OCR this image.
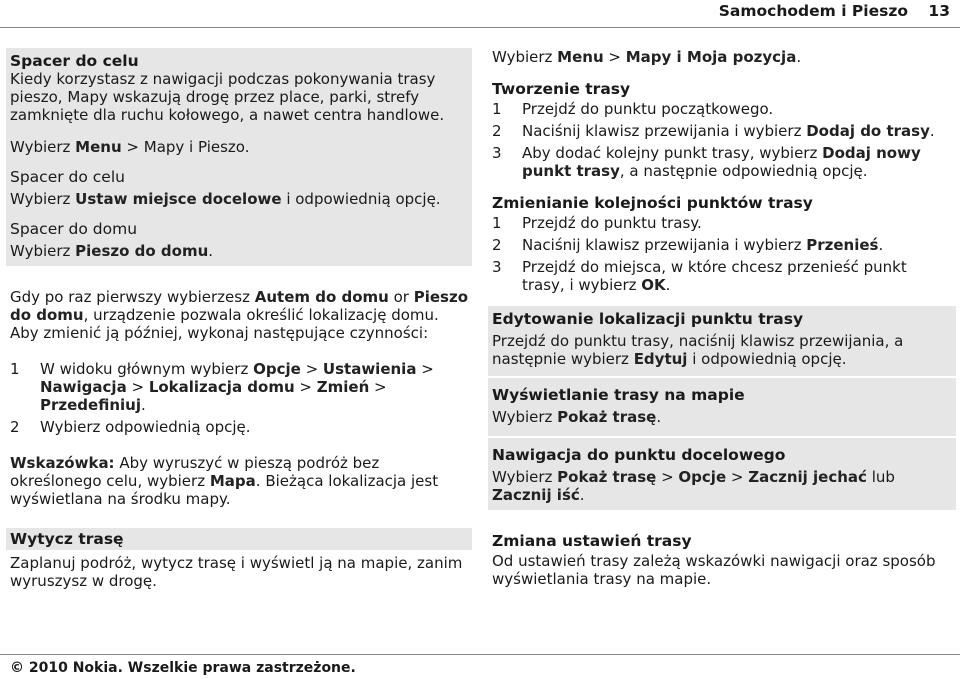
Samochodem i Pieszo 13
Spacer do celu
Kiedy korzystasz z nawigacji podczas pokonywania trasy pieszo, Mapy wskazują drogę przez place, parki, strefy zamknięte dla ruchu kołowego, a nawet centra handlowe.
Wybierz Menu > Mapy i Pieszo.
Spacer do celu
Wybierz Ustaw miejsce docelowe i odpowiednią opcję.
Spacer do domu
Wybierz Pieszo do domu.
Gdy po raz pierwszy wybierzesz Autem do domu or Pieszo do domu, urządzenie pozwala określić lokalizację domu. Aby zmienić ją później, wykonaj następujące czynności:
1	W widoku głównym wybierz Opcje > Ustawienia > Nawigacja > Lokalizacja domu > Zmień > Przedefiniuj.
2	Wybierz odpowiednią opcję.
Wskazówka: Aby wyruszyć w pieszą podróż bez określonego celu, wybierz Mapa. Bieżąca lokalizacja jest wyświetlana na środku mapy.
Wytycz trasę
Zaplanuj podróż, wytycz trasę i wyświetl ją na mapie, zanim wyruszysz w drogę.
Wybierz Menu > Mapy i Moja pozycja.
Tworzenie trasy
1	Przejdź do punktu początkowego.
2	Naciśnij klawisz przewijania i wybierz Dodaj do trasy.
3	Aby dodać kolejny punkt trasy, wybierz Dodaj nowy punkt trasy, a następnie odpowiednią opcję.
Zmienianie kolejności punktów trasy
1	Przejdź do punktu trasy.
2	Naciśnij klawisz przewijania i wybierz Przenieś.
3	Przejdź do miejsca, w które chcesz przenieść punkt trasy, i wybierz OK.
Edytowanie lokalizacji punktu trasy
Przejdź do punktu trasy, naciśnij klawisz przewijania, a następnie wybierz Edytuj i odpowiednią opcję.
Wyświetlanie trasy na mapie
Wybierz Pokaż trasę.
Nawigacja do punktu docelowego
Wybierz Pokaż trasę > Opcje > Zacznij jechać lub Zacznij iść.
Zmiana ustawień trasy
Od ustawień trasy zależą wskazówki nawigacji oraz sposób wyświetlania trasy na mapie.
© 2010 Nokia. Wszelkie prawa zastrzeżone.
